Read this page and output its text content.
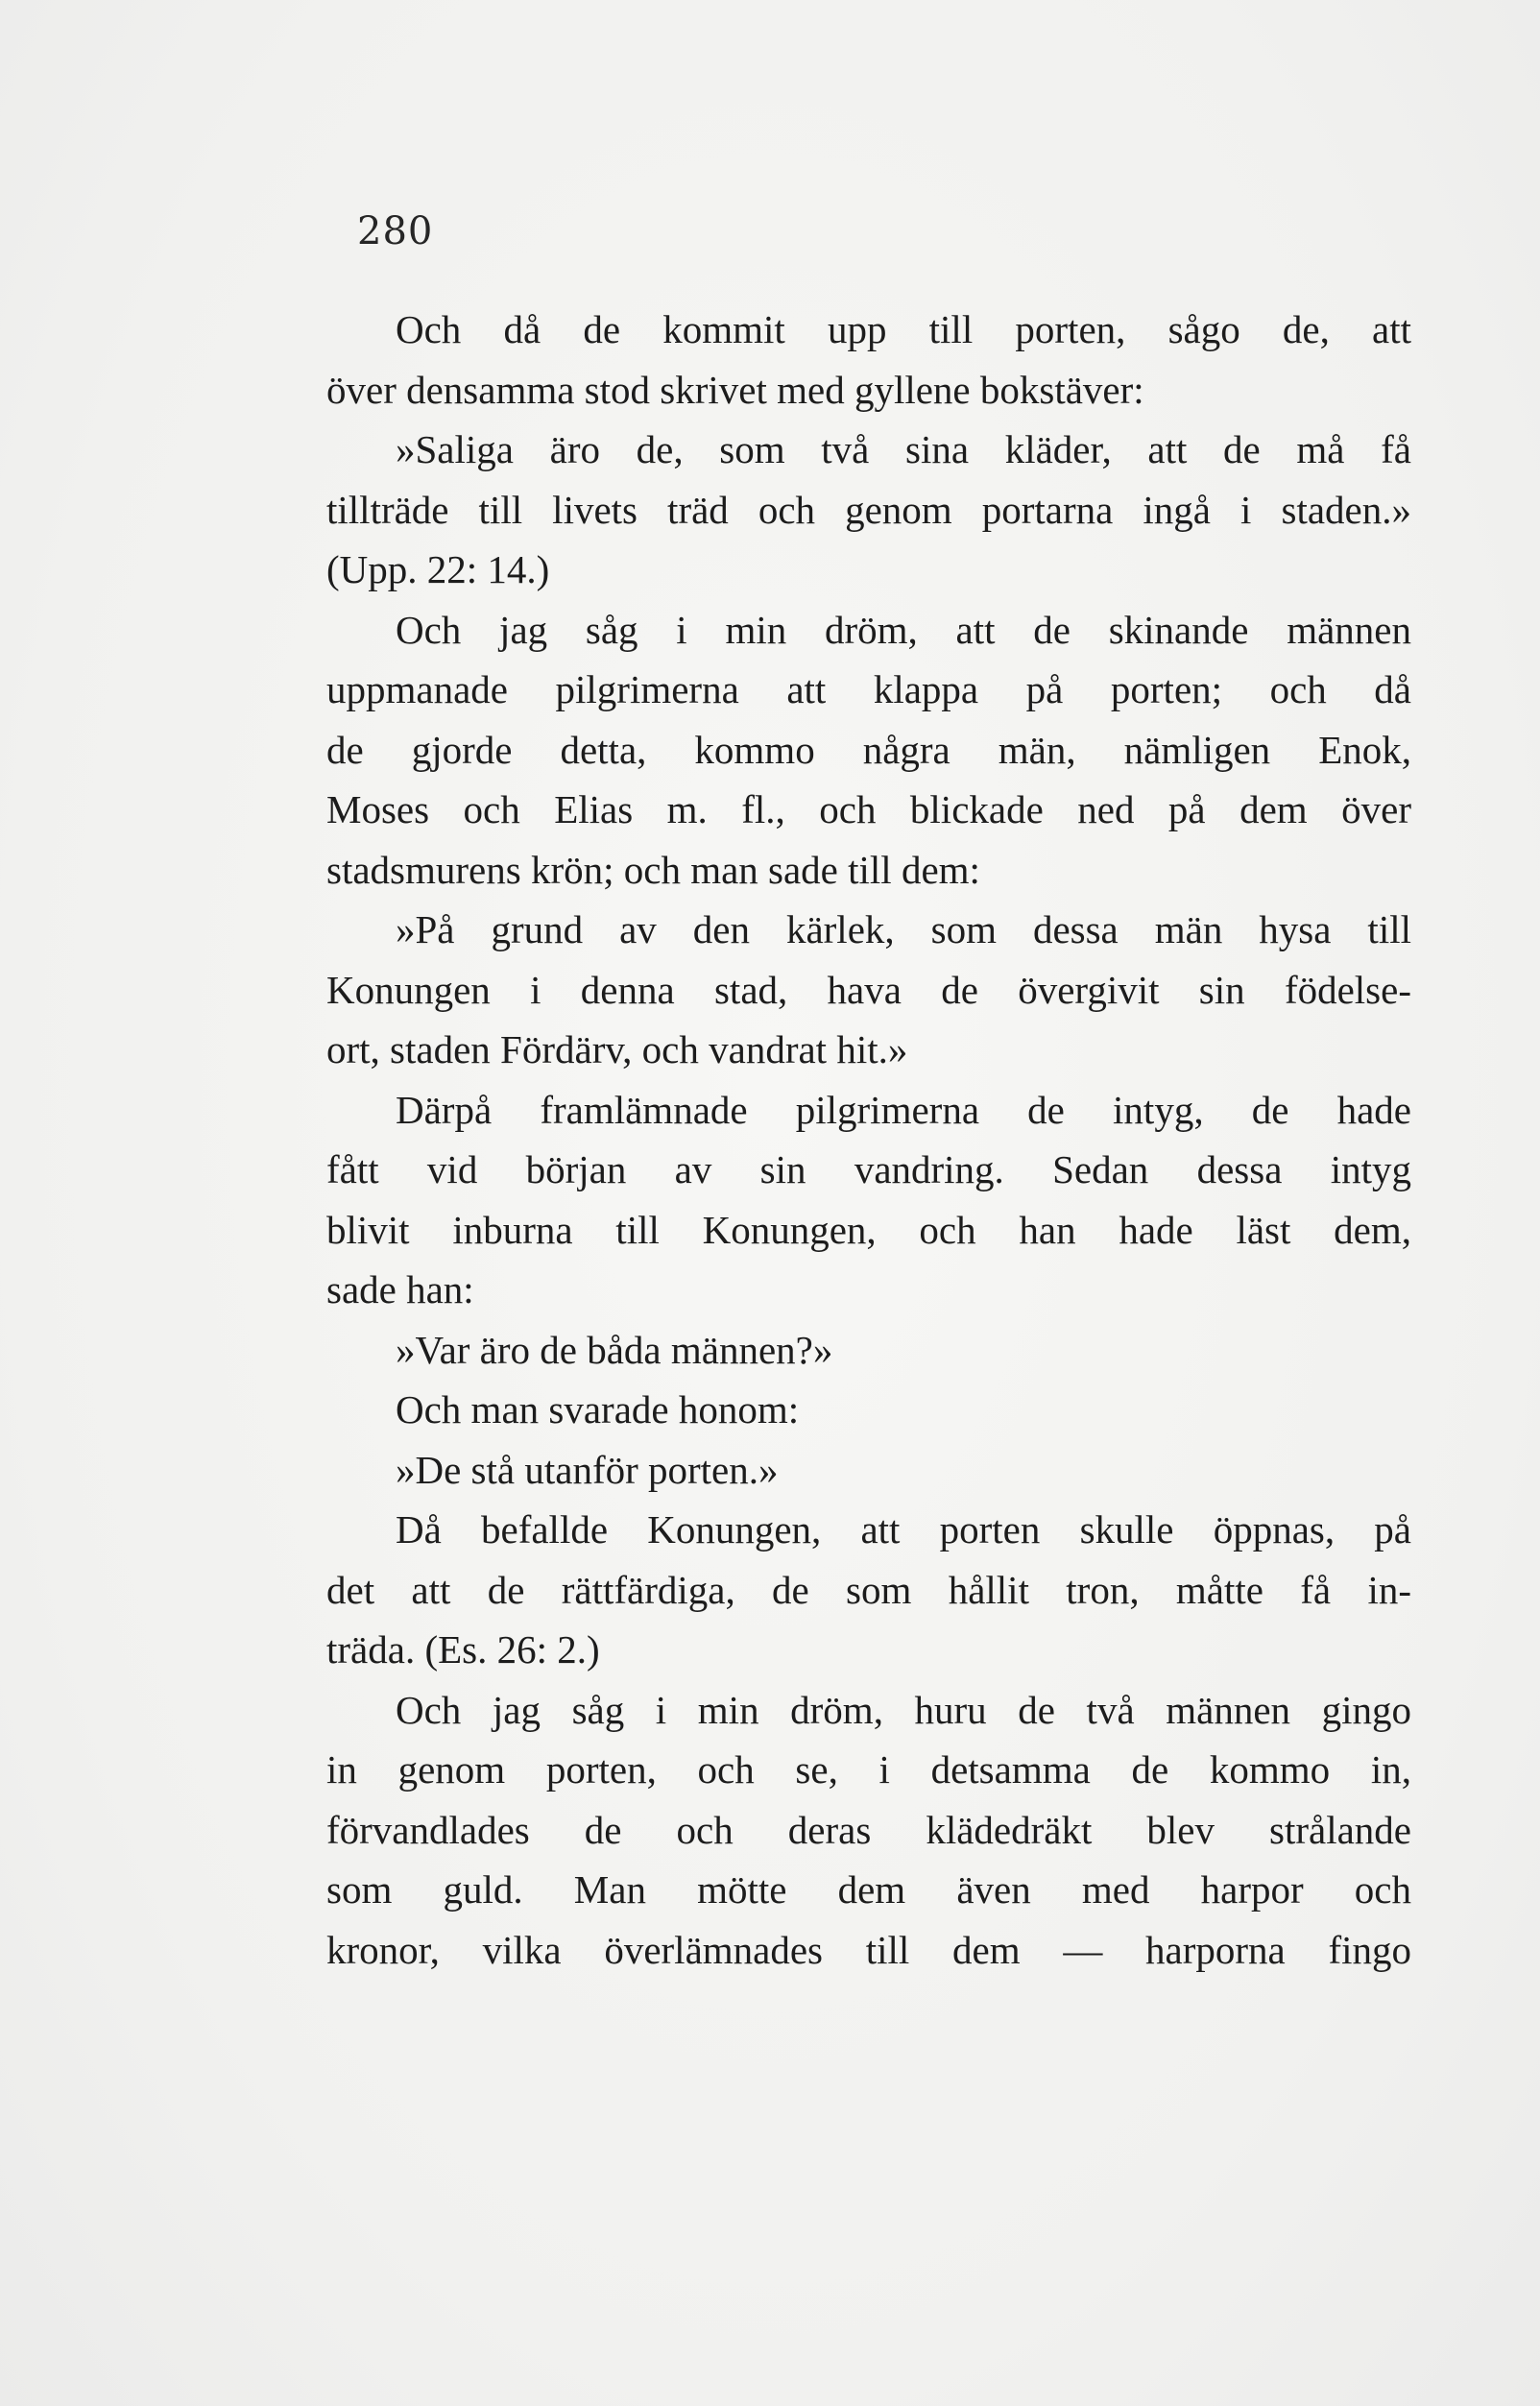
280
Och då de kommit upp till porten, sågo de, att
över densamma stod skrivet med gyllene bokstäver:
»Saliga äro de, som två sina kläder, att de må få
tillträde till livets träd och genom portarna ingå i staden.»
(Upp. 22: 14.)
Och jag såg i min dröm, att de skinande männen
uppmanade pilgrimerna att klappa på porten; och då
de gjorde detta, kommo några män, nämligen Enok,
Moses och Elias m. fl., och blickade ned på dem över
stadsmurens krön; och man sade till dem:
»På grund av den kärlek, som dessa män hysa till
Konungen i denna stad, hava de övergivit sin födelse-
ort, staden Fördärv, och vandrat hit.»
Därpå framlämnade pilgrimerna de intyg, de hade
fått vid början av sin vandring. Sedan dessa intyg
blivit inburna till Konungen, och han hade läst dem,
sade han:
»Var äro de båda männen?»
Och man svarade honom:
»De stå utanför porten.»
Då befallde Konungen, att porten skulle öppnas, på
det att de rättfärdiga, de som hållit tron, måtte få in-
träda. (Es. 26: 2.)
Och jag såg i min dröm, huru de två männen gingo
in genom porten, och se, i detsamma de kommo in,
förvandlades de och deras klädedräkt blev strålande
som guld. Man mötte dem även med harpor och
kronor, vilka överlämnades till dem — harporna fingo
